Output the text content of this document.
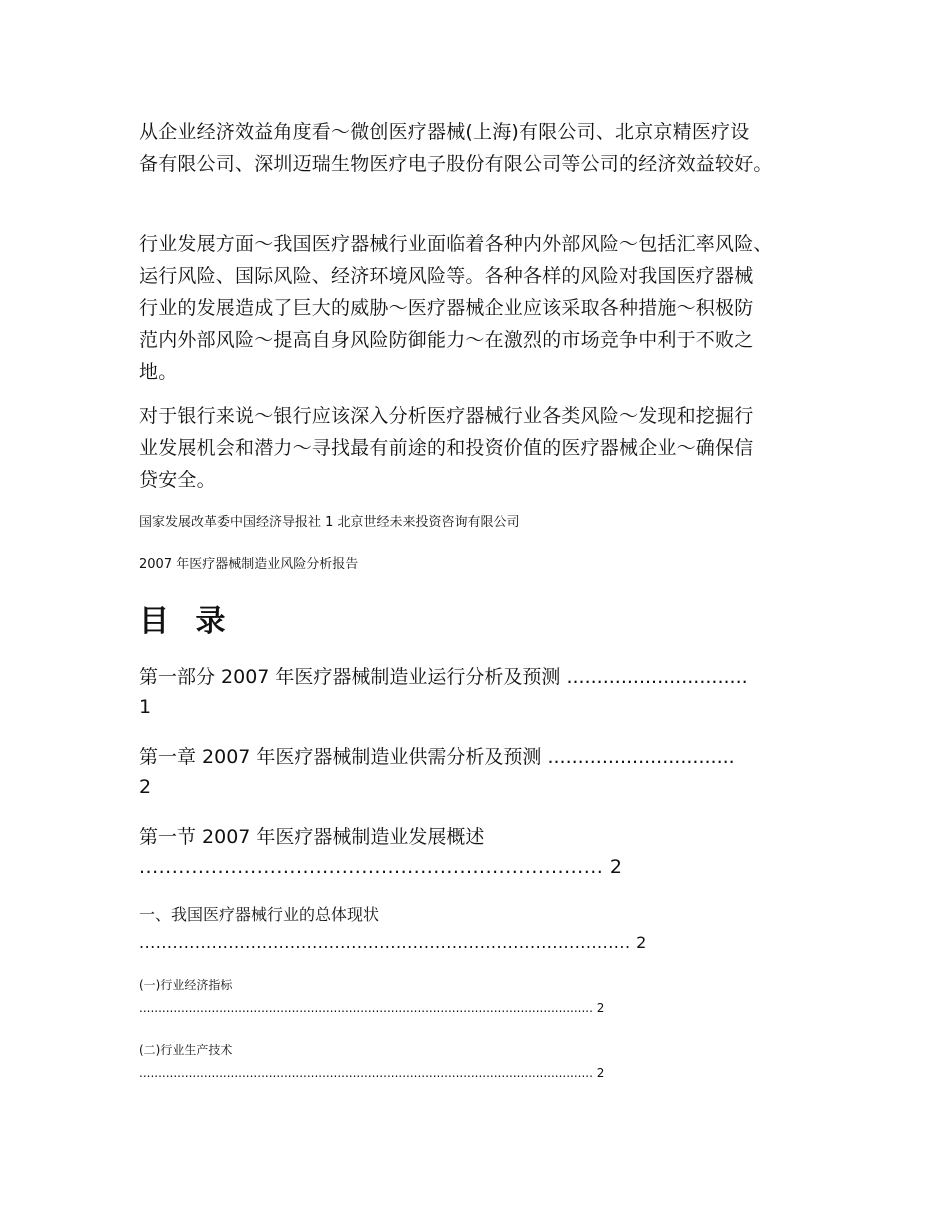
从企业经济效益角度看～微创医疗器械(上海)有限公司、北京京精医疗设
备有限公司、深圳迈瑞生物医疗电子股份有限公司等公司的经济效益较好。

行业发展方面～我国医疗器械行业面临着各种内外部风险～包括汇率风险、
运行风险、国际风险、经济环境风险等。各种各样的风险对我国医疗器械
行业的发展造成了巨大的威胁～医疗器械企业应该采取各种措施～积极防
范内外部风险～提高自身风险防御能力～在激烈的市场竞争中利于不败之
地。

对于银行来说～银行应该深入分析医疗器械行业各类风险～发现和挖掘行
业发展机会和潜力～寻找最有前途的和投资价值的医疗器械企业～确保信
贷安全。

国家发展改革委中国经济导报社 1 北京世经未来投资咨询有限公司

2007 年医疗器械制造业风险分析报告

目 录

第一部分 2007 年医疗器械制造业运行分析及预测 ..............................

1

第一章 2007 年医疗器械制造业供需分析及预测 ...............................

2

第一节 2007 年医疗器械制造业发展概述

....................................................................... 2

一、我国医疗器械行业的总体现状

........................................................................................ 2

(一)行业经济指标

....................................................................................................................... 2

(二)行业生产技术

....................................................................................................................... 2
